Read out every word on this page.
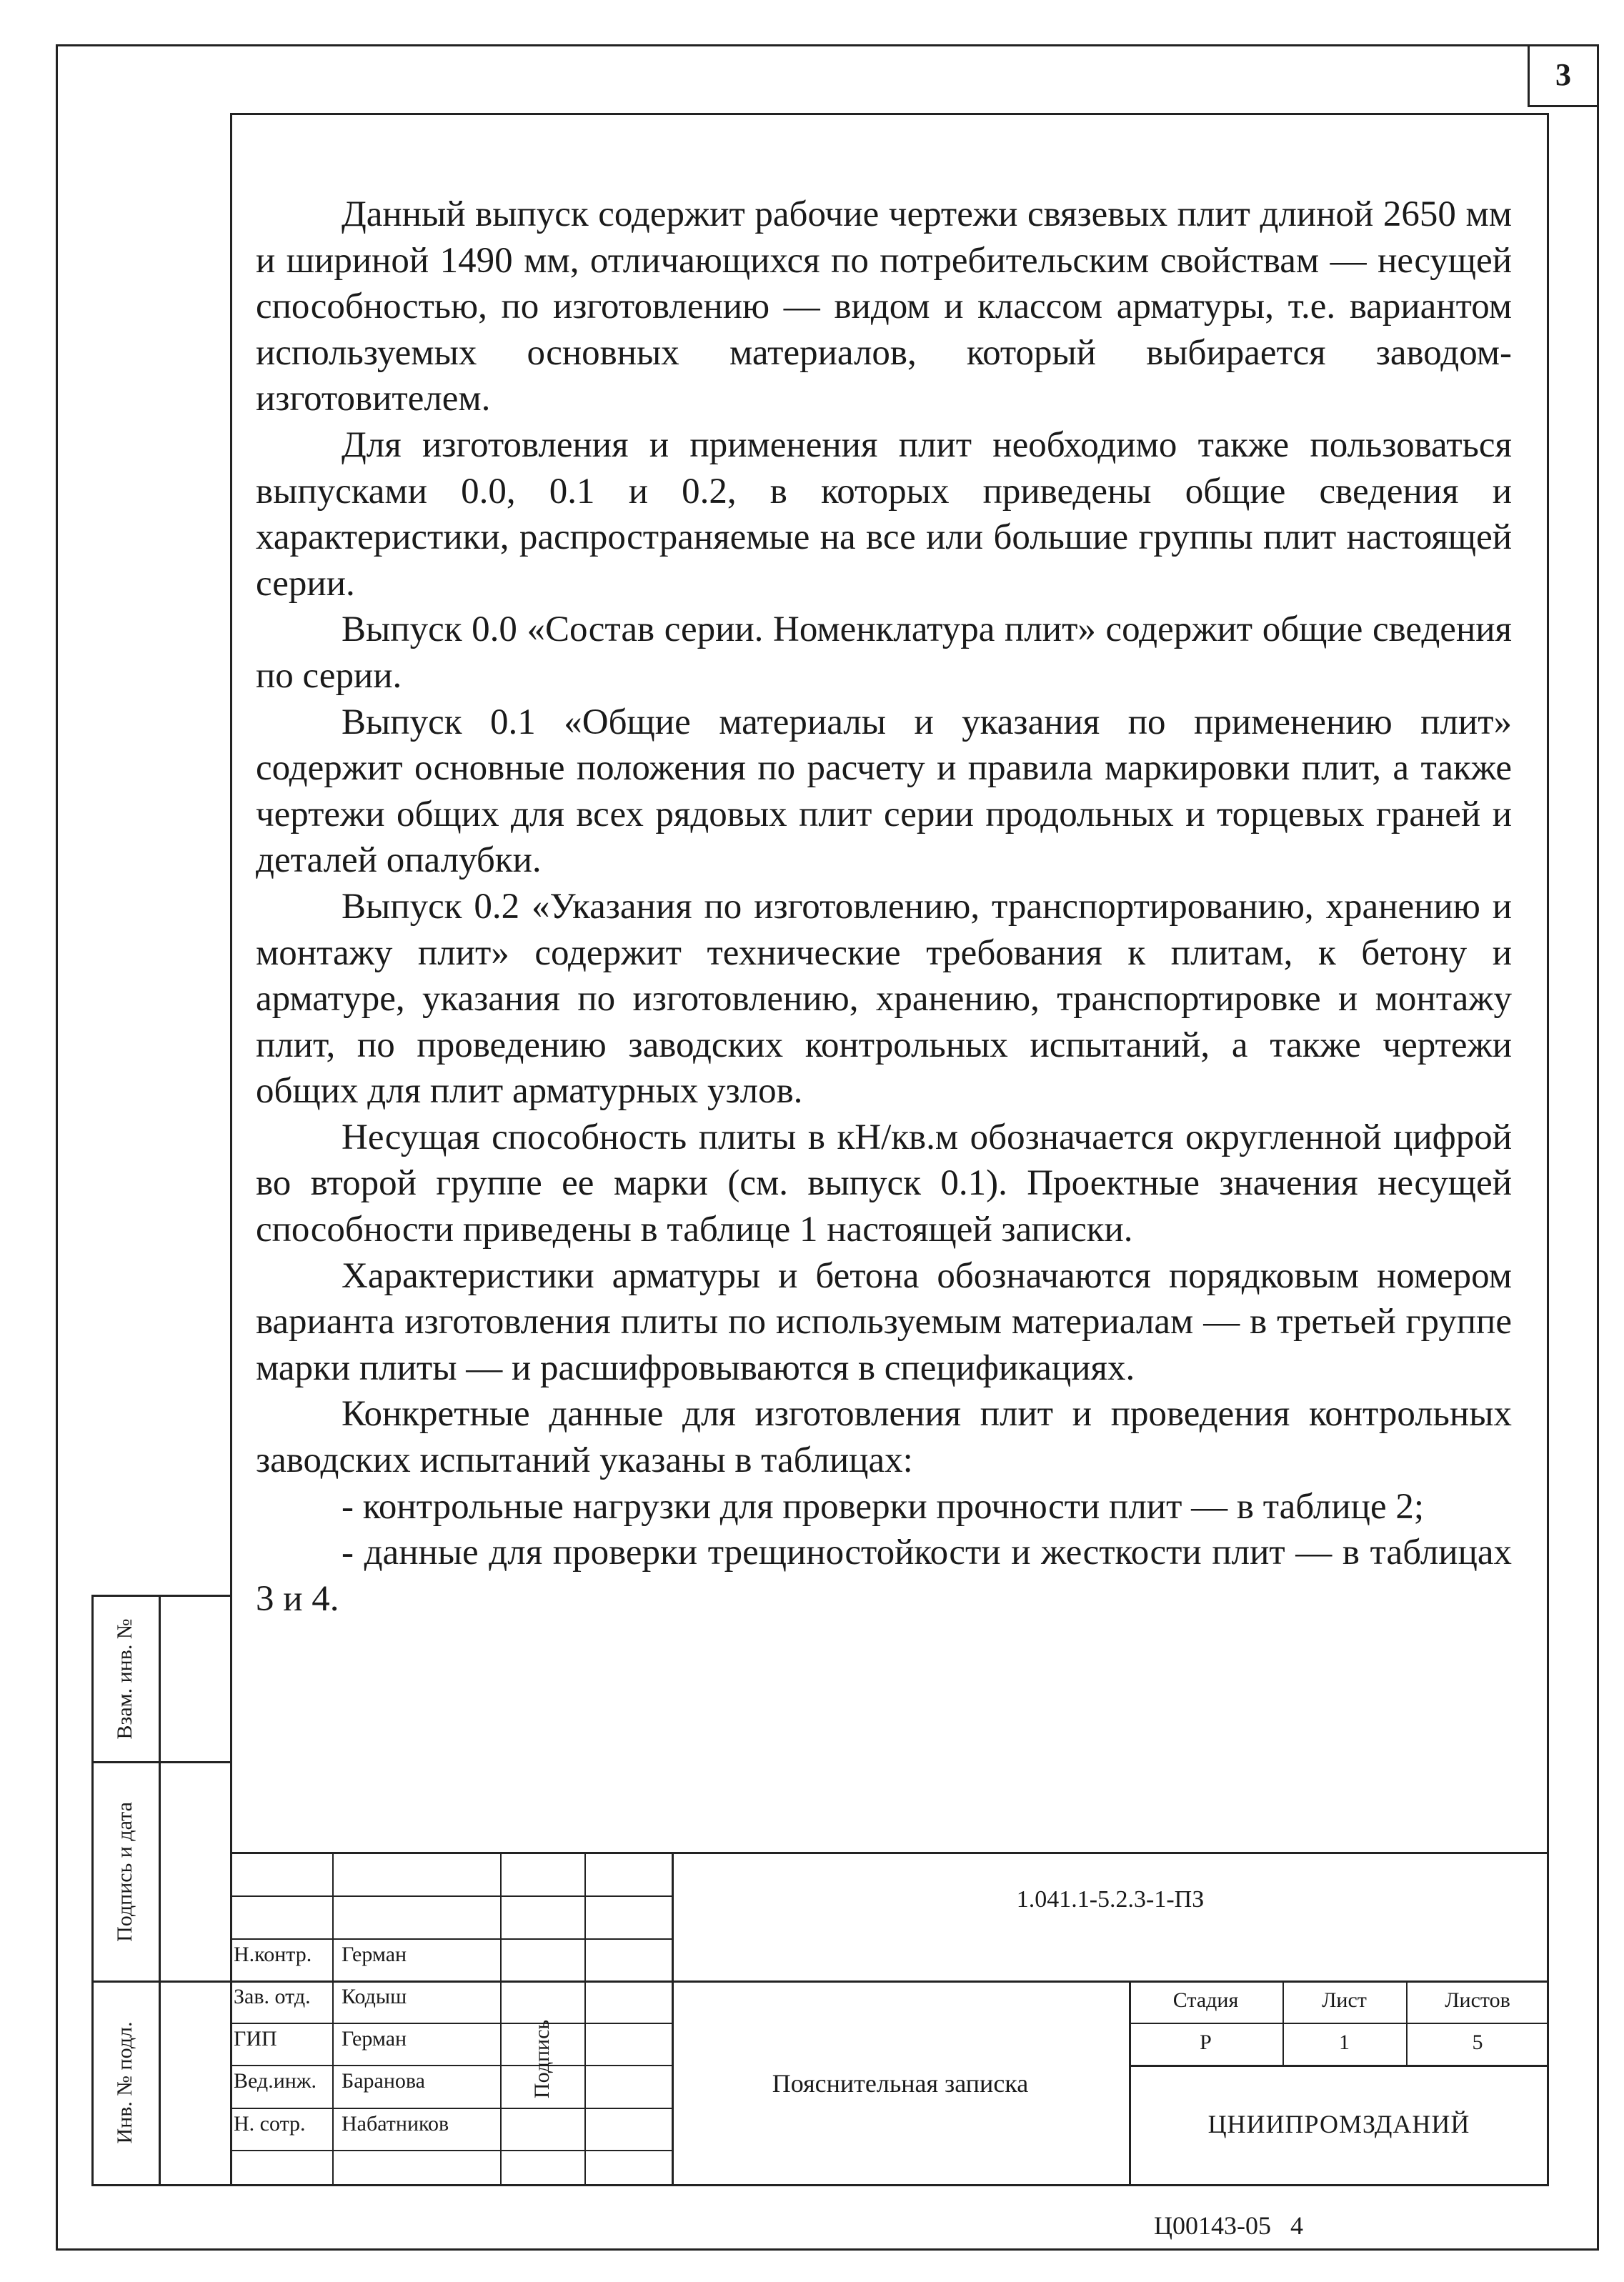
3

Данный выпуск содержит рабочие чертежи связевых плит длиной 2650 мм и шириной 1490 мм, отличающихся по потребительским свойствам — несущей способностью, по изготовлению — видом и классом арматуры, т.е. вариантом используемых основных материалов, который выбирается заводом-изготовителем.

Для изготовления и применения плит необходимо также пользоваться выпусками 0.0, 0.1 и 0.2, в которых приведены общие сведения и характеристики, распространяемые на все или большие группы плит настоящей серии.

Выпуск 0.0 «Состав серии. Номенклатура плит» содержит общие сведения по серии.

Выпуск 0.1 «Общие материалы и указания по применению плит» содержит основные положения по расчету и правила маркировки плит, а также чертежи общих для всех рядовых плит серии продольных и торцевых граней и деталей опалубки.

Выпуск 0.2 «Указания по изготовлению, транспортированию, хранению и монтажу плит» содержит технические требования к плитам, к бетону и арматуре, указания по изготовлению, хранению, транспортировке и монтажу плит, по проведению заводских контрольных испытаний, а также чертежи общих для плит арматурных узлов.

Несущая способность плиты в кН/кв.м обозначается округленной цифрой во второй группе ее марки (см. выпуск 0.1). Проектные значения несущей способности приведены в таблице 1 настоящей записки.

Характеристики арматуры и бетона обозначаются порядковым номером варианта изготовления плиты по используемым материалам — в третьей группе марки плиты — и расшифровываются в спецификациях.

Конкретные данные для изготовления плит и проведения контрольных заводских испытаний указаны в таблицах:

- контрольные нагрузки для проверки прочности плит — в таблице 2;

- данные для проверки трещиностойкости и жесткости плит — в таблицах 3 и 4.

Взам. инв. №
Подпись и дата
Инв. № подл.
1.041.1-5.2.3-1-ПЗ
Н.контр. Герман
Зав. отд. Кодыш
ГИП	Герман
Вед.инж. Баранова
Н. сотр. Набатников
Подпись	Пояснительная записка
Стадия	Лист	Листов
Р	1	5
ЦНИИПРОМЗДАНИЙ
Ц00143-05   4
